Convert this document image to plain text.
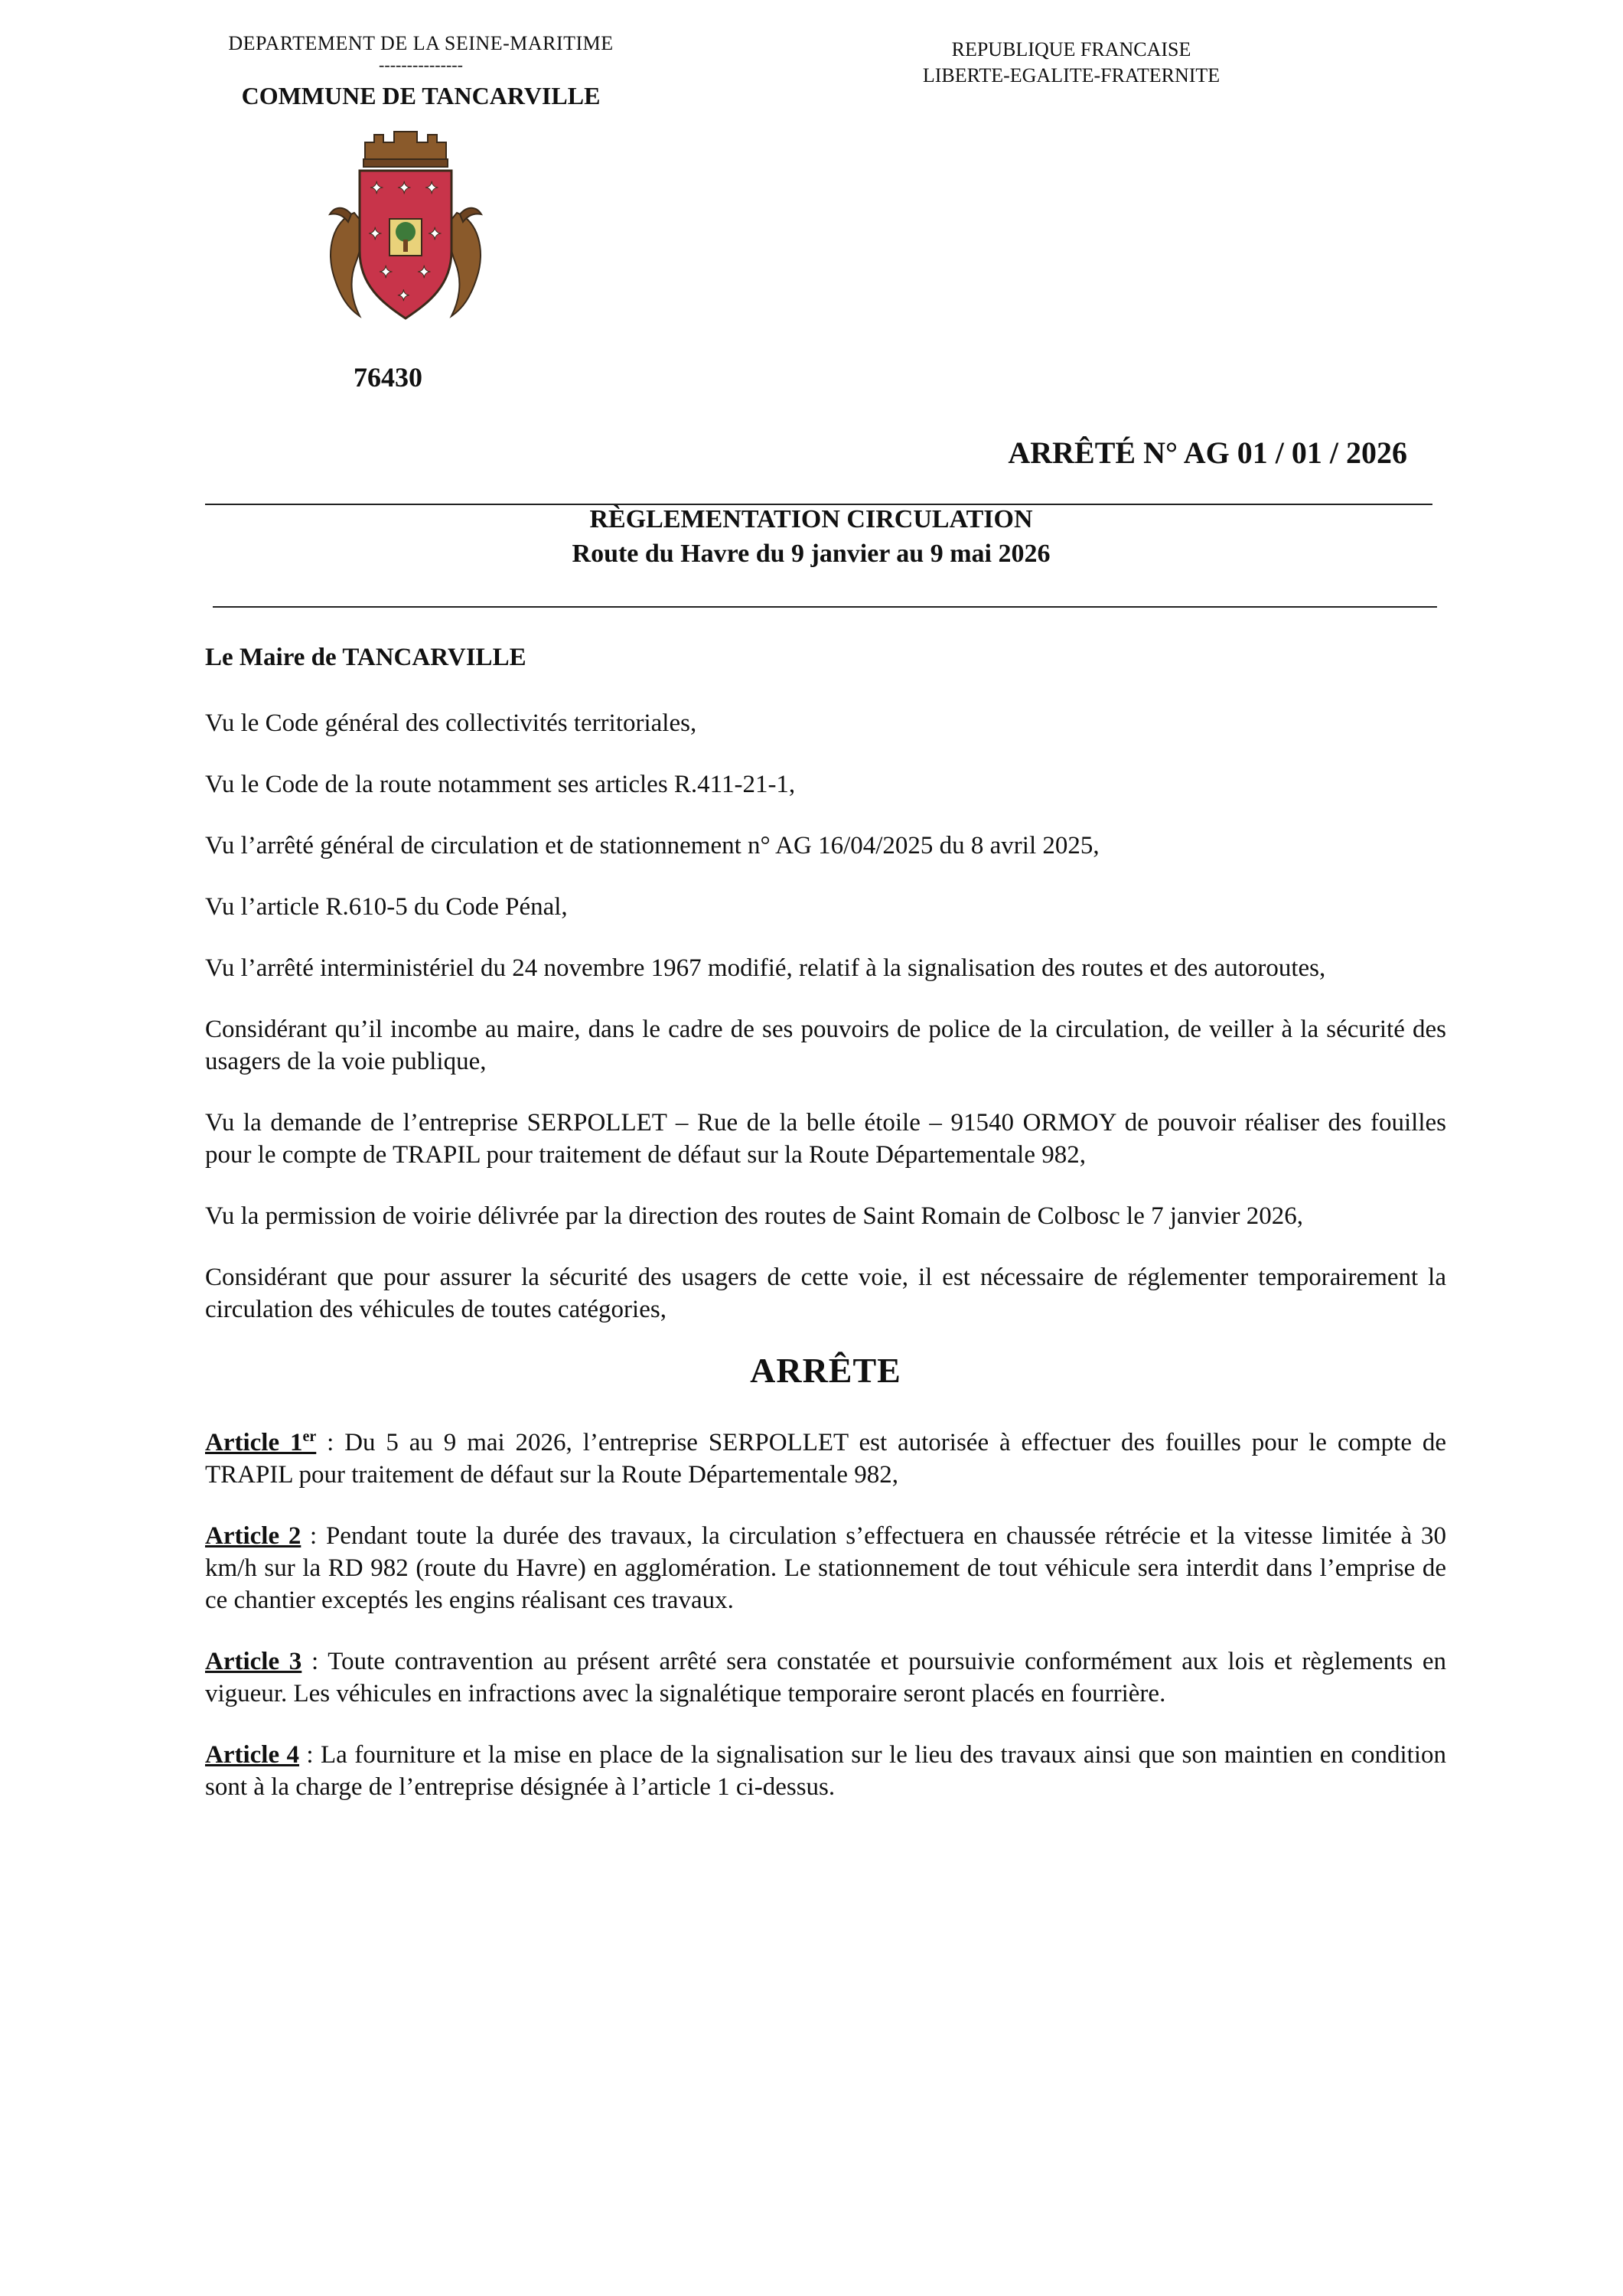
DEPARTEMENT DE LA SEINE-MARITIME
---------------
COMMUNE DE TANCARVILLE
REPUBLIQUE FRANCAISE
LIBERTE-EGALITE-FRATERNITE
✦ ✦ ✦
✦	✦
✦ ✦
✦
76430
ARRÊTÉ N° AG 01 / 01 / 2026
RÈGLEMENTATION CIRCULATION
Route du Havre du 9 janvier au 9 mai 2026

Le Maire de TANCARVILLE

Vu le Code général des collectivités territoriales,

Vu le Code de la route notamment ses articles R.411-21-1,

Vu l’arrêté général de circulation et de stationnement n° AG 16/04/2025 du 8 avril 2025,

Vu l’article R.610-5 du Code Pénal,

Vu l’arrêté interministériel du 24 novembre 1967 modifié, relatif à la signalisation des routes et des autoroutes,

Considérant qu’il incombe au maire, dans le cadre de ses pouvoirs de police de la circulation, de veiller à la sécurité des usagers de la voie publique,

Vu la demande de l’entreprise SERPOLLET – Rue de la belle étoile – 91540 ORMOY de pouvoir réaliser des fouilles pour le compte de TRAPIL pour traitement de défaut sur la Route Départementale 982,

Vu la permission de voirie délivrée par la direction des routes de Saint Romain de Colbosc le 7 janvier 2026,

Considérant que pour assurer la sécurité des usagers de cette voie, il est nécessaire de réglementer temporairement la circulation des véhicules de toutes catégories,

ARRÊTE

Article 1er : Du 5 au 9 mai 2026, l’entreprise SERPOLLET est autorisée à effectuer des fouilles pour le compte de TRAPIL pour traitement de défaut sur la Route Départementale 982,

Article 2 : Pendant toute la durée des travaux, la circulation s’effectuera en chaussée rétrécie et la vitesse limitée à 30 km/h sur la RD 982 (route du Havre) en agglomération. Le stationnement de tout véhicule sera interdit dans l’emprise de ce chantier exceptés les engins réalisant ces travaux.

Article 3 : Toute contravention au présent arrêté sera constatée et poursuivie conformément aux lois et règlements en vigueur. Les véhicules en infractions avec la signalétique temporaire seront placés en fourrière.

Article 4 : La fourniture et la mise en place de la signalisation sur le lieu des travaux ainsi que son maintien en condition sont à la charge de l’entreprise désignée à l’article 1 ci-dessus.
